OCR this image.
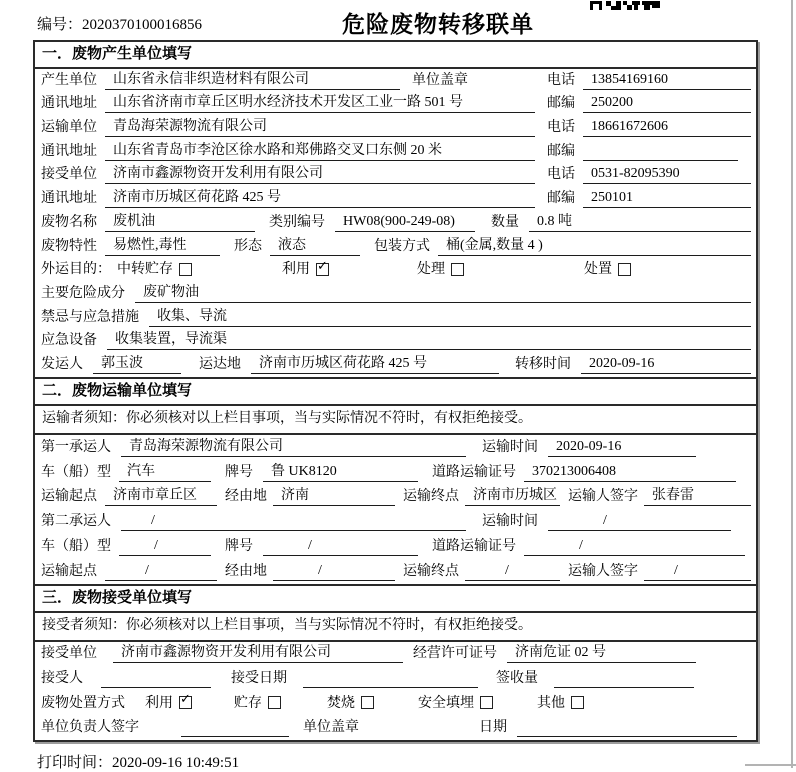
编号：2020370100016856	危险废物转移联单
一．废物产生单位填写
产生单位	山东省永信非织造材料有限公司	单位盖章	电话	13854169160
通讯地址	山东省济南市章丘区明水经济技术开发区工业一路 501 号	邮编	250200
运输单位	青岛海荣源物流有限公司	电话	18661672606
通讯地址	山东省青岛市李沧区徐水路和郑佛路交叉口东侧 20 米	邮编
接受单位	济南市鑫源物资开发利用有限公司	电话	0531-82095390
通讯地址	济南市历城区荷花路 425 号	邮编	250101
废物名称	废机油	类别编号	HW08(900-249-08)	数量	0.8 吨
废物特性	易燃性,毒性	形态	液态	包装方式	桶(金属,数量 4 )
外运目的： 中转贮存	利用 ✓	处理	处置
主要危险成分	废矿物油
禁忌与应急措施	收集、导流
应急设备	收集装置，导流渠
发运人	郭玉波	运达地	济南市历城区荷花路 425 号	转移时间	2020-09-16
二．废物运输单位填写
运输者须知：你必须核对以上栏目事项，当与实际情况不符时，有权拒绝接受。
第一承运人	青岛海荣源物流有限公司	运输时间	2020-09-16
车（船）型	汽车	牌号	鲁 UK8120	道路运输证号	370213006408
运输起点	济南市章丘区	经由地	济南	运输终点	济南市历城区 运输人签字	张春雷
第二承运人	/	运输时间	/
车（船）型	/	牌号	/	道路运输证号	/
运输起点	/	经由地	/	运输终点	/	运输人签字	/
三．废物接受单位填写
接受者须知：你必须核对以上栏目事项，当与实际情况不符时，有权拒绝接受。
接受单位	济南市鑫源物资开发利用有限公司	经营许可证号	济南危证 02 号
接受人	接受日期	签收量
废物处置方式 利用 ✓	贮存	焚烧	安全填埋	其他
单位负责人签字	单位盖章	日期
打印时间：2020-09-16 10:49:51
